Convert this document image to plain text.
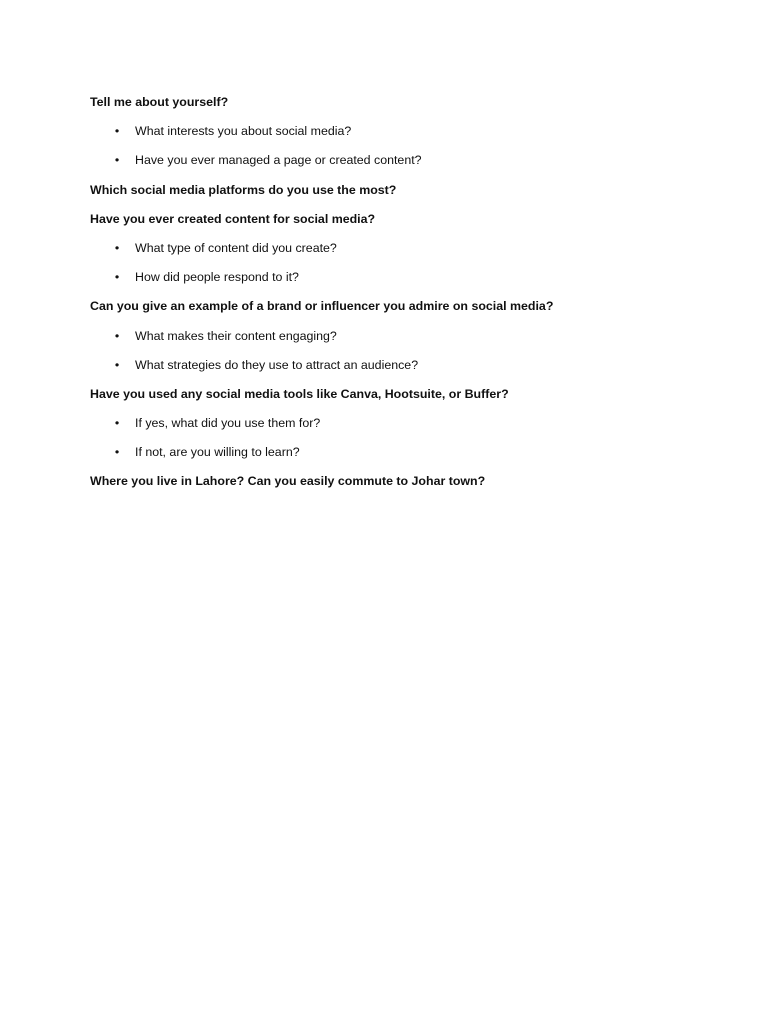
Tell me about yourself?
• What interests you about social media?
• Have you ever managed a page or created content?
Which social media platforms do you use the most?
Have you ever created content for social media?
• What type of content did you create?
• How did people respond to it?
Can you give an example of a brand or influencer you admire on social media?
• What makes their content engaging?
• What strategies do they use to attract an audience?
Have you used any social media tools like Canva, Hootsuite, or Buffer?
• If yes, what did you use them for?
• If not, are you willing to learn?
Where you live in Lahore? Can you easily commute to Johar town?
